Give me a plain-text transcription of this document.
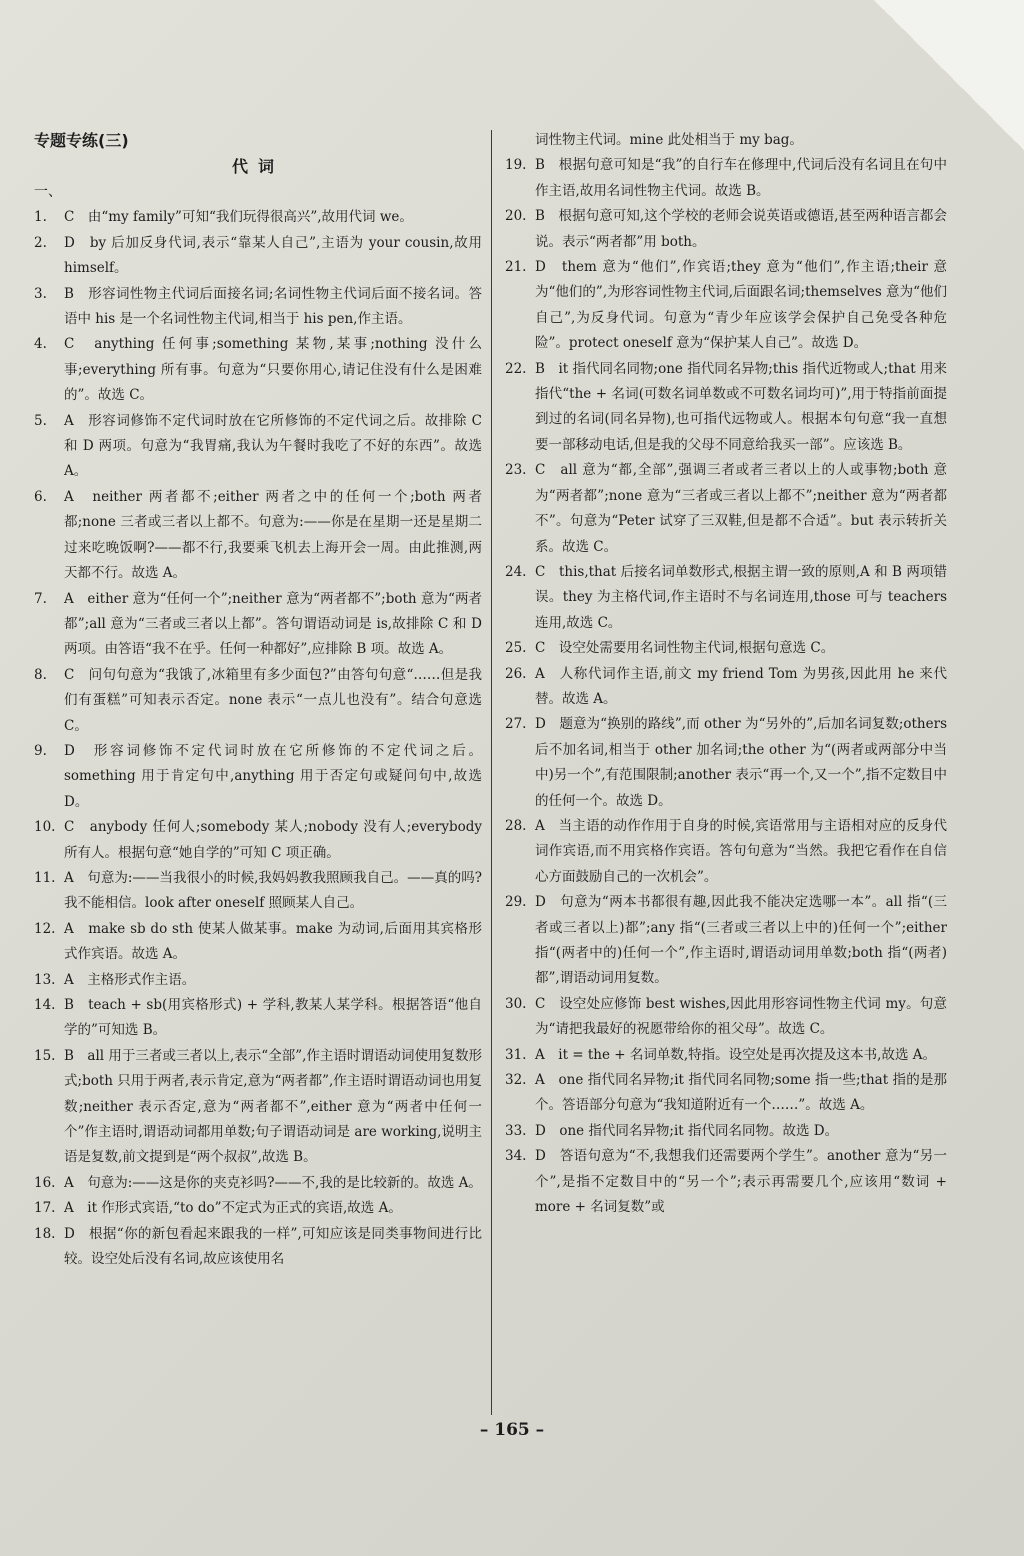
专题专练(三)
代词

一、

1. C　由“my family”可知“我们玩得很高兴”,故用代词 we。
2. D　by 后加反身代词,表示“靠某人自己”,主语为 your cousin,故用 himself。
3. B　形容词性物主代词后面接名词;名词性物主代词后面不接名词。答语中 his 是一个名词性物主代词,相当于 his pen,作主语。
4. C　anything 任何事;something 某物,某事;nothing 没什么事;everything 所有事。句意为“只要你用心,请记住没有什么是困难的”。故选 C。
5. A　形容词修饰不定代词时放在它所修饰的不定代词之后。故排除 C 和 D 两项。句意为“我胃痛,我认为午餐时我吃了不好的东西”。故选 A。
6. A　neither 两者都不;either 两者之中的任何一个;both 两者都;none 三者或三者以上都不。句意为:——你是在星期一还是星期二过来吃晚饭啊?——都不行,我要乘飞机去上海开会一周。由此推测,两天都不行。故选 A。
7. A　either 意为“任何一个”;neither 意为“两者都不”;both 意为“两者都”;all 意为“三者或三者以上都”。答句谓语动词是 is,故排除 C 和 D 两项。由答语“我不在乎。任何一种都好”,应排除 B 项。故选 A。
8. C　问句句意为“我饿了,冰箱里有多少面包?”由答句句意“……但是我们有蛋糕”可知表示否定。none 表示“一点儿也没有”。结合句意选 C。
9. D　形容词修饰不定代词时放在它所修饰的不定代词之后。something 用于肯定句中,anything 用于否定句或疑问句中,故选 D。
10. C　anybody 任何人;somebody 某人;nobody 没有人;everybody 所有人。根据句意“她自学的”可知 C 项正确。
11. A　句意为:——当我很小的时候,我妈妈教我照顾我自己。——真的吗?我不能相信。look after oneself 照顾某人自己。
12. A　make sb do sth 使某人做某事。make 为动词,后面用其宾格形式作宾语。故选 A。
13. A　主格形式作主语。
14. B　teach + sb(用宾格形式) + 学科,教某人某学科。根据答语“他自学的”可知选 B。
15. B　all 用于三者或三者以上,表示“全部”,作主语时谓语动词使用复数形式;both 只用于两者,表示肯定,意为“两者都”,作主语时谓语动词也用复数;neither 表示否定,意为“两者都不”,either 意为“两者中任何一个”作主语时,谓语动词都用单数;句子谓语动词是 are working,说明主语是复数,前文提到是“两个叔叔”,故选 B。
16. A　句意为:——这是你的夹克衫吗?——不,我的是比较新的。故选 A。
17. A　it 作形式宾语,“to do”不定式为正式的宾语,故选 A。
18. D　根据“你的新包看起来跟我的一样”,可知应该是同类事物间进行比较。设空处后没有名词,故应该使用名
词性物主代词。mine 此处相当于 my bag。
19. B　根据句意可知是“我”的自行车在修理中,代词后没有名词且在句中作主语,故用名词性物主代词。故选 B。
20. B　根据句意可知,这个学校的老师会说英语或德语,甚至两种语言都会说。表示“两者都”用 both。
21. D　them 意为“他们”,作宾语;they 意为“他们”,作主语;their 意为“他们的”,为形容词性物主代词,后面跟名词;themselves 意为“他们自己”,为反身代词。句意为“青少年应该学会保护自己免受各种危险”。protect oneself 意为“保护某人自己”。故选 D。
22. B　it 指代同名同物;one 指代同名异物;this 指代近物或人;that 用来指代“the + 名词(可数名词单数或不可数名词均可)”,用于特指前面提到过的名词(同名异物),也可指代远物或人。根据本句句意“我一直想要一部移动电话,但是我的父母不同意给我买一部”。应该选 B。
23. C　all 意为“都,全部”,强调三者或者三者以上的人或事物;both 意为“两者都”;none 意为“三者或三者以上都不”;neither 意为“两者都不”。句意为“Peter 试穿了三双鞋,但是都不合适”。but 表示转折关系。故选 C。
24. C　this,that 后接名词单数形式,根据主谓一致的原则,A 和 B 两项错误。they 为主格代词,作主语时不与名词连用,those 可与 teachers 连用,故选 C。
25. C　设空处需要用名词性物主代词,根据句意选 C。
26. A　人称代词作主语,前文 my friend Tom 为男孩,因此用 he 来代替。故选 A。
27. D　题意为“换别的路线”,而 other 为“另外的”,后加名词复数;others 后不加名词,相当于 other 加名词;the other 为“(两者或两部分中当中)另一个”,有范围限制;another 表示“再一个,又一个”,指不定数目中的任何一个。故选 D。
28. A　当主语的动作作用于自身的时候,宾语常用与主语相对应的反身代词作宾语,而不用宾格作宾语。答句句意为“当然。我把它看作在自信心方面鼓励自己的一次机会”。
29. D　句意为“两本书都很有趣,因此我不能决定选哪一本”。all 指“(三者或三者以上)都”;any 指“(三者或三者以上中的)任何一个”;either 指“(两者中的)任何一个”,作主语时,谓语动词用单数;both 指“(两者)都”,谓语动词用复数。
30. C　设空处应修饰 best wishes,因此用形容词性物主代词 my。句意为“请把我最好的祝愿带给你的祖父母”。故选 C。
31. A　it = the + 名词单数,特指。设空处是再次提及这本书,故选 A。
32. A　one 指代同名异物;it 指代同名同物;some 指一些;that 指的是那个。答语部分句意为“我知道附近有一个……”。故选 A。
33. D　one 指代同名异物;it 指代同名同物。故选 D。
34. D　答语句意为“不,我想我们还需要两个学生”。another 意为“另一个”,是指不定数目中的“另一个”;表示再需要几个,应该用“数词 + more + 名词复数”或
– 165 –
